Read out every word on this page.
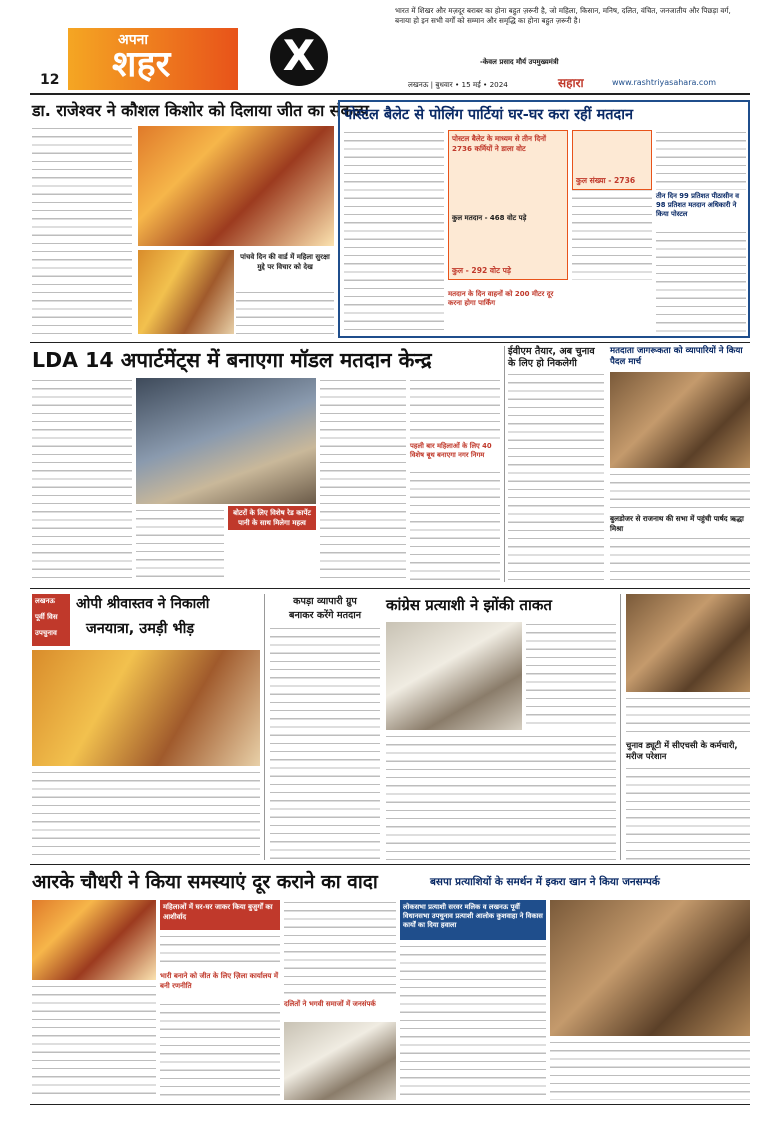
अपना
शहर	X
12
भारत में शिखर और मज़दूर बराबर का होना बहुत ज़रूरी है, जो महिला, किसान, मनिष, दलित, वंचित, जनजातीय और पिछड़ा वर्ग, बनाया हो इन सभी वर्गों को सम्मान और समृद्धि का होना बहुत ज़रूरी है।
-केवल प्रसाद मौर्य उपमुख्यमंत्री
लखनऊ | बुधवार • 15 मई • 2024	सहारा	www.rashtriyasahara.com
डा. राजेश्वर ने कौशल किशोर को दिलाया जीत का संकल्प
पांचवे दिन की वार्ड में महिला सुरक्षा मुद्दे पर विचार को देख
पोस्टल बैलेट से पोलिंग पार्टियां घर-घर करा रहीं मतदान
पोस्टल बैलेट के माध्यम से तीन दिनों 2736 कर्मियों ने डाला वोट
कुल मतदान - 468 वोट पड़े
कुल - 292 वोट पड़े
कुल संख्या - 2736
मतदान के दिन वाहनों को 200 मीटर दूर करना होगा पार्किंग
तीन दिन 99 प्रतिशत पीठासीन व 98 प्रतिशत मतदान अधिकारी ने किया पोस्टल
LDA 14 अपार्टमेंट्स में बनाएगा मॉडल मतदान केन्द्र
बोटरों के लिए विशेष रेड कार्पेट पानी के साथ मिलेगा महत्व
पहली बार महिलाओं के लिए 40 विशेष बूथ बनाएगा नगर निगम
ईवीएम तैयार, अब चुनाव के लिए हो निकलेगी
मतदाता जागरूकता को व्यापारियों ने किया पैदल मार्च
बुलडोजर से राजनाथ की सभा में पहुंची पार्षद ऋद्धा मिश्रा
लखनऊ
पूर्वी विस
उपचुनाव
ओपी श्रीवास्तव ने निकाली
जनयात्रा, उमड़ी भीड़
कपड़ा व्यापारी ग्रुप
बनाकर करेंगे मतदान
कांग्रेस प्रत्याशी ने झोंकी ताकत
चुनाव ड्यूटी में सीएचसी के कर्मचारी, मरीज परेशान
आरके चौधरी ने किया समस्याएं दूर कराने का वादा
महिलाओं में घर-घर जाकर किया बुजुर्गों का आशीर्वाद
भारी बनाने को जीत के लिए ज़िला कार्यालय में बनी रणनीति
दलितों ने भगवी समाजों में जनसंपर्क
बसपा प्रत्याशियों के समर्थन में इकरा खान ने किया जनसम्पर्क
लोकसभा प्रत्याशी सरवर मलिक व लखनऊ पूर्वी विधानसभा उपचुनाव प्रत्याशी आलोक कुशवाहा ने विकास कार्यों का दिया हवाला
